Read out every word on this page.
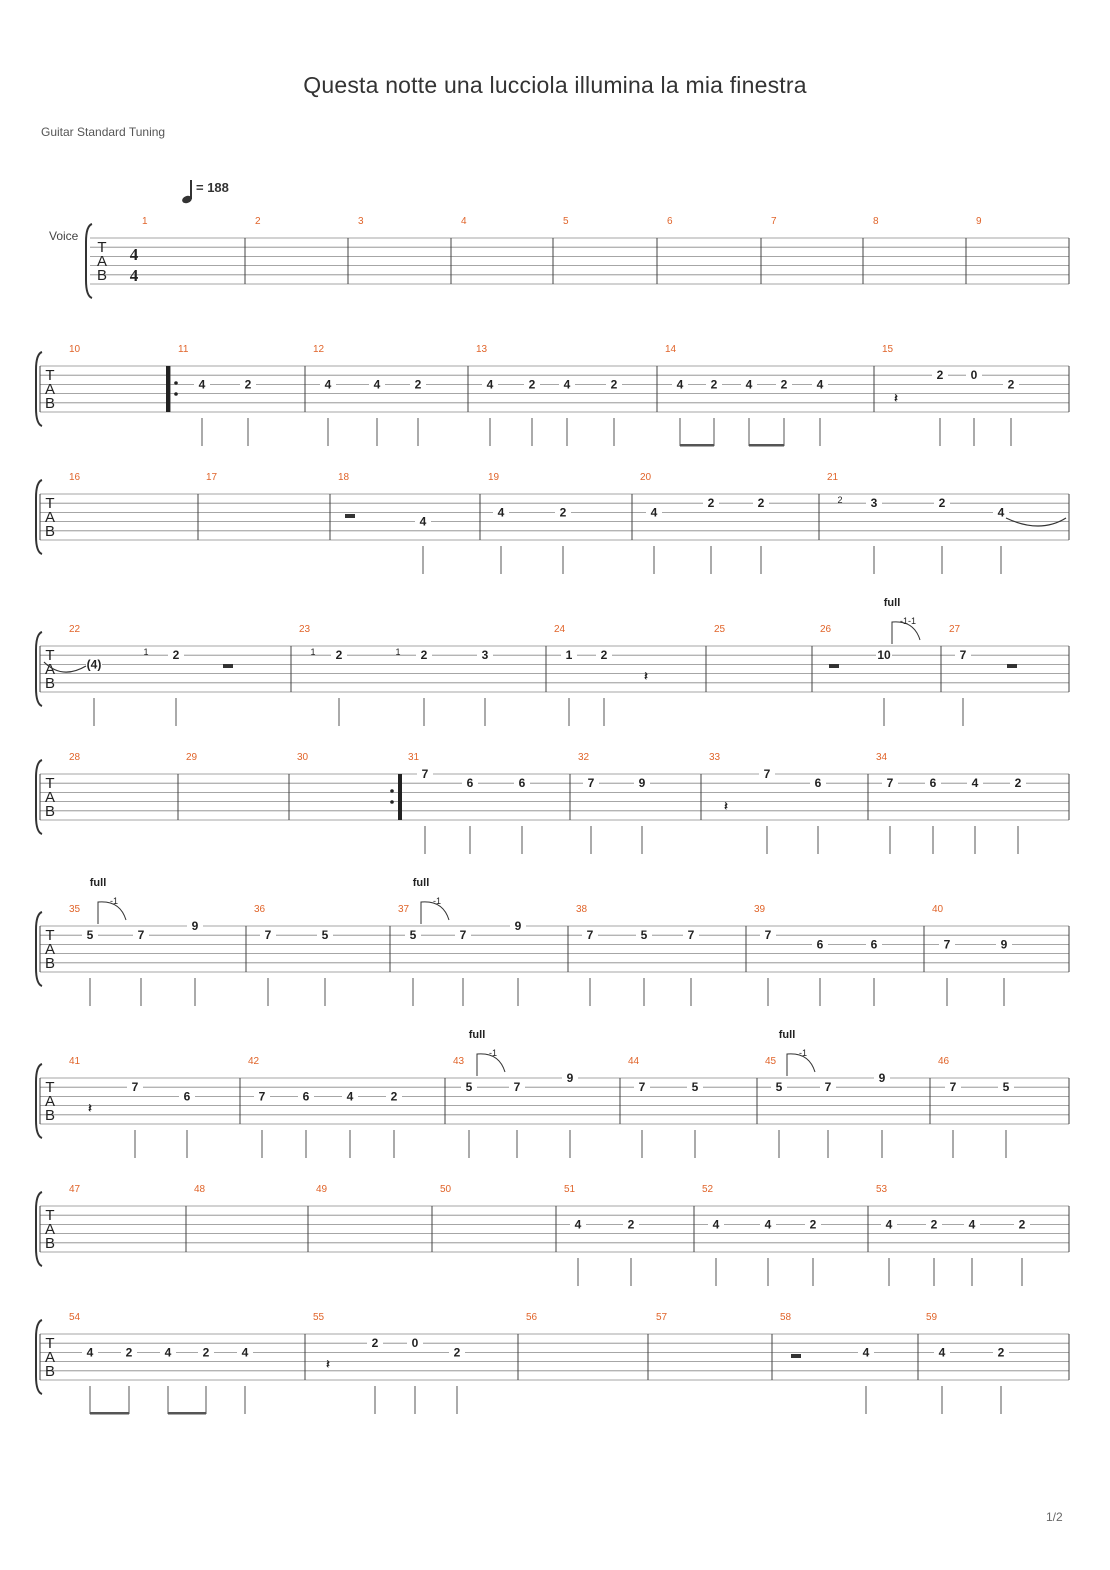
Questa notte una lucciola illumina la mia finestra
Guitar Standard Tuning
= 188
Voice
1/2
T
A
B
4
4
1	2	3	4	5	6	7	8	9
T
A
B
10	11	12	13	14	15
T
A
B
16	17	18	19	20	21
T
A
B
22	23	24	25	26	27
T
A
B
28	29	30	31	32	33	34
T
A
B
35	36	37	38	39	40
T
A
B
41	42	43	44	45	46
T
A
B
47	48	49	50	51	52	53
T
A
B
54	55	56	57	58	59
4	2	4	4	2	4	2 4	2	4 2 4 2 4
2 0
2
4
4	2	4
2	2	3	2
4
(4)
2	2	2	3	1 2	10	7
7
6	6	7	9
7
6	7	6	4	2
5	7
9
7	5	5	7
9
7	5	7	7
6	6	7	9
7
6	7	6	4	2
5	7
9
7	5	5	7
9
7	5
4	2	4	4	2	4	2	4	2
4	2	4	2	4
2	0
2	4	4	2
𝄽
𝄽
𝄽
𝄽
𝄽
2
1	1	1
full
-1-1
full
-1
full
-1
full
-1
full
-1
